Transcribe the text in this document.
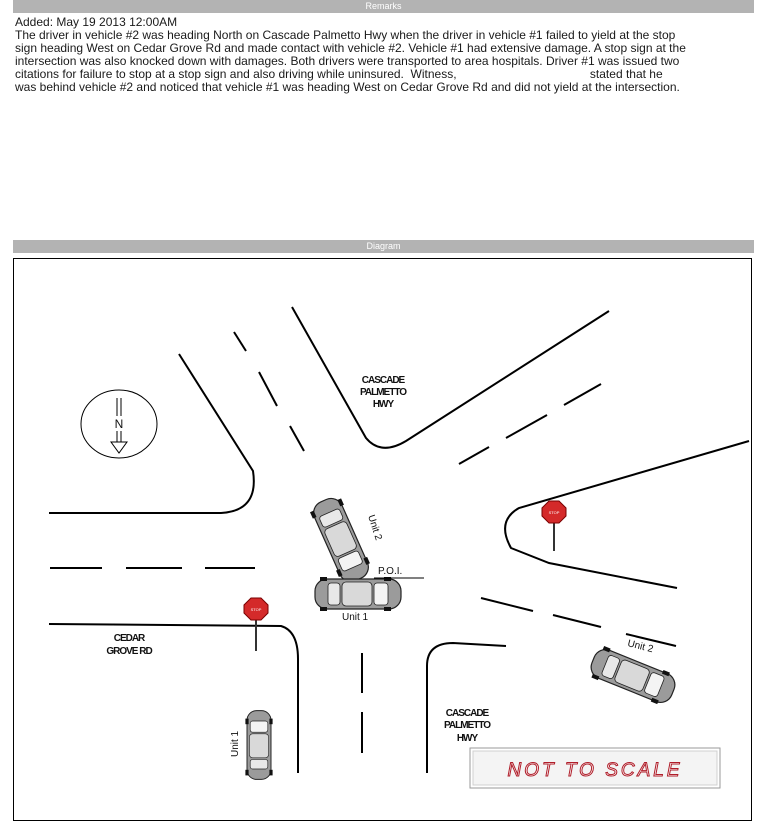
Remarks
Added: May 19 2013 12:00AM
The driver in vehicle #2 was heading North on Cascade Palmetto Hwy when the driver in vehicle #1 failed to yield at the stop
sign heading West on Cedar Grove Rd and made contact with vehicle #2. Vehicle #1 had extensive damage. A stop sign at the
intersection was also knocked down with damages. Both drivers were transported to area hospitals. Driver #1 was issued two
citations for failure to stop at a stop sign and also driving while uninsured.  Witness,                                        stated that he
was behind vehicle #2 and noticed that vehicle #1 was heading West on Cedar Grove Rd and did not yield at the intersection.
Diagram
CASCADE
PALMETTO
HWY
CASCADE
PALMETTO
HWY
CEDAR
GROVE RD
N
STOP
STOP
P.O.I.
Unit 1
Unit 2
Unit 2
Unit 1
NOT TO SCALE
